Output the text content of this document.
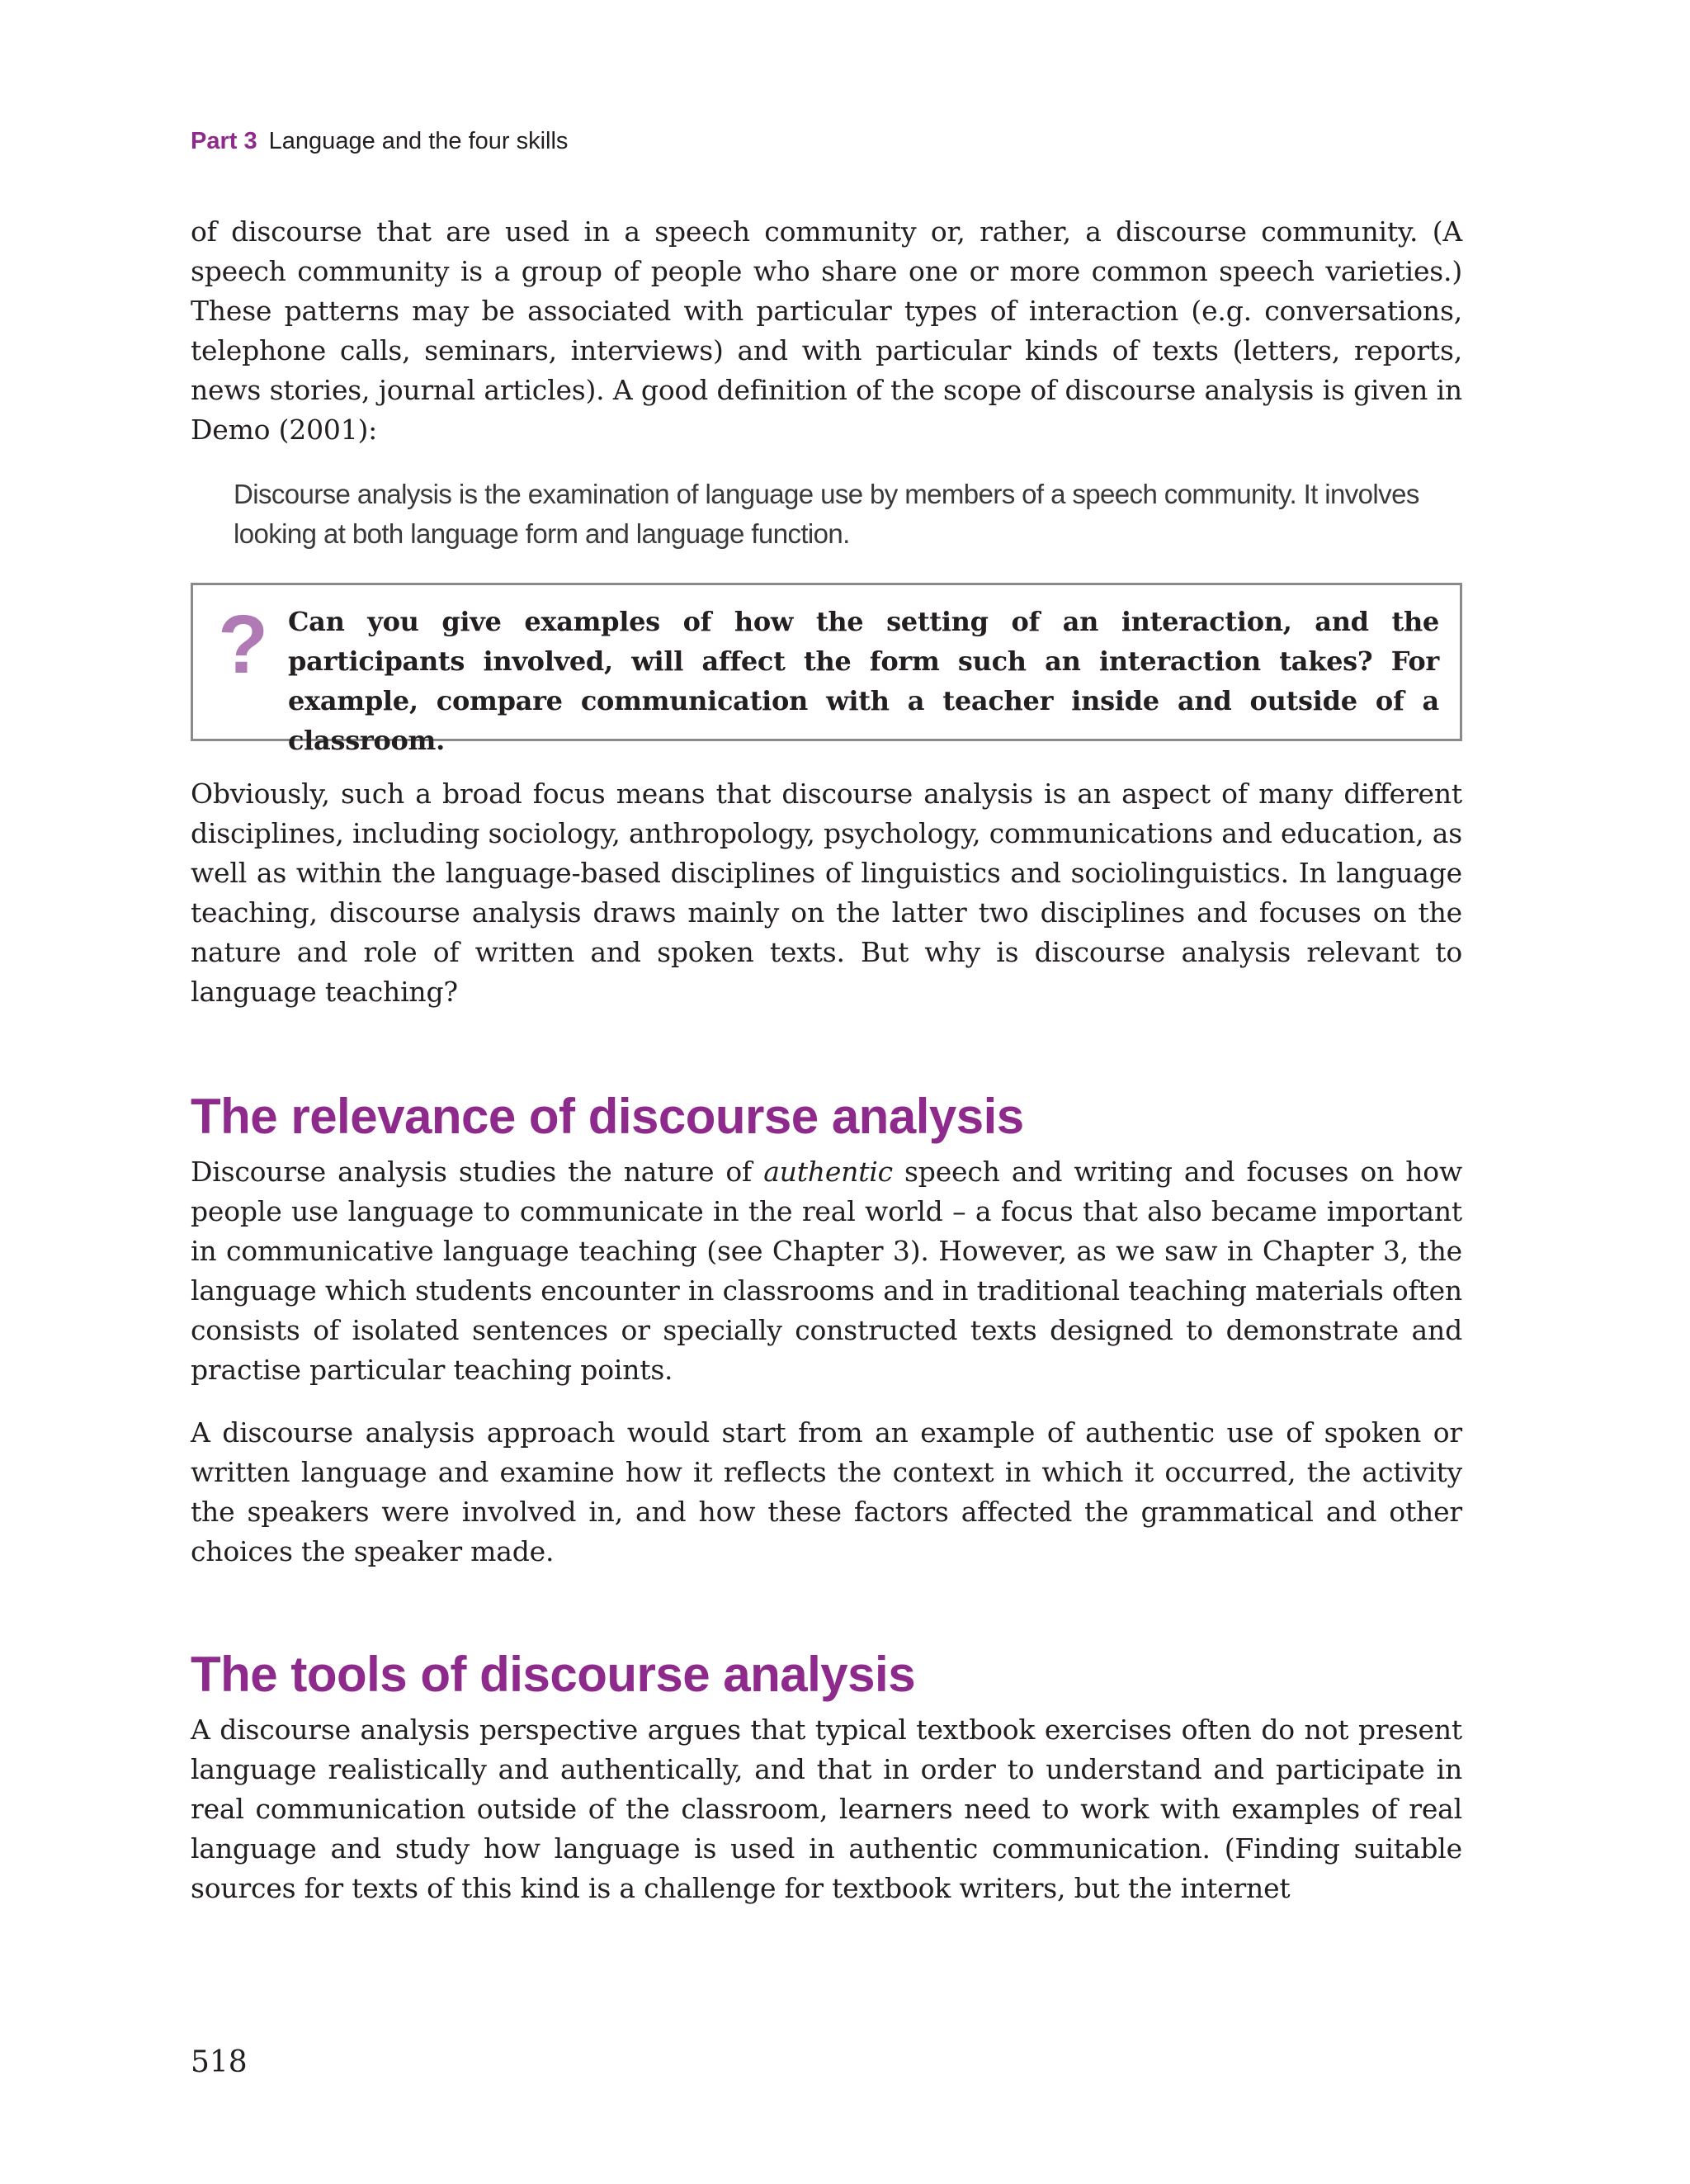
Part 3 Language and the four skills

of discourse that are used in a speech community or, rather, a discourse community. (A speech community is a group of people who share one or more common speech varieties.) These patterns may be associated with particular types of interaction (e.g. conversations, telephone calls, seminars, interviews) and with particular kinds of texts (letters, reports, news stories, journal articles). A good definition of the scope of discourse analysis is given in Demo (2001):

Discourse analysis is the examination of language use by members of a speech community. It involves looking at both language form and language function.

? Can you give examples of how the setting of an interaction, and the participants involved, will affect the form such an interaction takes? For example, compare communication with a teacher inside and outside of a classroom.

Obviously, such a broad focus means that discourse analysis is an aspect of many different disciplines, including sociology, anthropology, psychology, communications and education, as well as within the language-based disciplines of linguistics and sociolinguistics. In language teaching, discourse analysis draws mainly on the latter two disciplines and focuses on the nature and role of written and spoken texts. But why is discourse analysis relevant to language teaching?

The relevance of discourse analysis

Discourse analysis studies the nature of authentic speech and writing and focuses on how people use language to communicate in the real world – a focus that also became important in communicative language teaching (see Chapter 3). However, as we saw in Chapter 3, the language which students encounter in classrooms and in traditional teaching materials often consists of isolated sentences or specially constructed texts designed to demonstrate and practise particular teaching points.

A discourse analysis approach would start from an example of authentic use of spoken or written language and examine how it reflects the context in which it occurred, the activity the speakers were involved in, and how these factors affected the grammatical and other choices the speaker made.

The tools of discourse analysis

A discourse analysis perspective argues that typical textbook exercises often do not present language realistically and authentically, and that in order to understand and participate in real communication outside of the classroom, learners need to work with examples of real language and study how language is used in authentic communication. (Finding suitable sources for texts of this kind is a challenge for textbook writers, but the internet

518
